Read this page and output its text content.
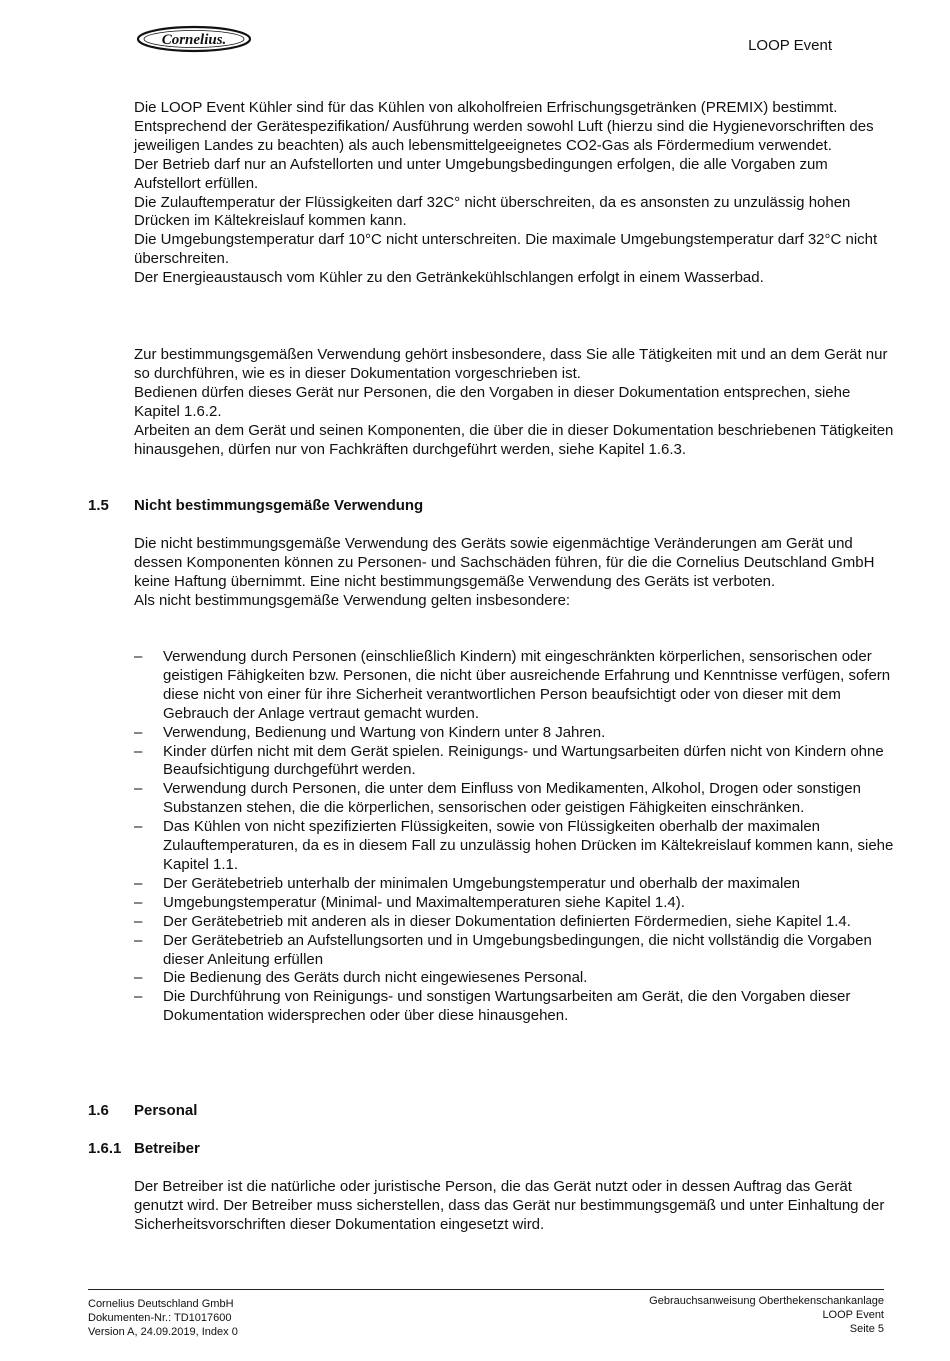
Cornelius.	LOOP Event

Die LOOP Event Kühler sind für das Kühlen von alkoholfreien Erfrischungsgetränken (PREMIX) bestimmt. Entsprechend der Gerätespezifikation/ Ausführung werden sowohl Luft (hierzu sind die Hygienevorschriften des jeweiligen Landes zu beachten) als auch lebensmittelgeeignetes CO2-Gas als Fördermedium verwendet.

Der Betrieb darf nur an Aufstellorten und unter Umgebungsbedingungen erfolgen, die alle Vorgaben zum Aufstellort erfüllen.

Die Zulauftemperatur der Flüssigkeiten darf 32C° nicht überschreiten, da es ansonsten zu unzulässig hohen

Drücken im Kältekreislauf kommen kann.

Die Umgebungstemperatur darf 10°C nicht unterschreiten. Die maximale Umgebungstemperatur darf 32°C nicht überschreiten.

Der Energieaustausch vom Kühler zu den Getränkekühlschlangen erfolgt in einem Wasserbad.

Zur bestimmungsgemäßen Verwendung gehört insbesondere, dass Sie alle Tätigkeiten mit und an dem Gerät nur so durchführen, wie es in dieser Dokumentation vorgeschrieben ist.

Bedienen dürfen dieses Gerät nur Personen, die den Vorgaben in dieser Dokumentation entsprechen, siehe Kapitel 1.6.2.

Arbeiten an dem Gerät und seinen Komponenten, die über die in dieser Dokumentation beschriebenen Tätigkeiten hinausgehen, dürfen nur von Fachkräften durchgeführt werden, siehe Kapitel 1.6.3.

1.5 Nicht bestimmungsgemäße Verwendung

Die nicht bestimmungsgemäße Verwendung des Geräts sowie eigenmächtige Veränderungen am Gerät und dessen Komponenten können zu Personen- und Sachschäden führen, für die die Cornelius Deutschland GmbH keine Haftung übernimmt. Eine nicht bestimmungsgemäße Verwendung des Geräts ist verboten.

Als nicht bestimmungsgemäße Verwendung gelten insbesondere:

– Verwendung durch Personen (einschließlich Kindern) mit eingeschränkten körperlichen, sensorischen oder geistigen Fähigkeiten bzw. Personen, die nicht über ausreichende Erfahrung und Kenntnisse verfügen, sofern diese nicht von einer für ihre Sicherheit verantwortlichen Person beaufsichtigt oder von dieser mit dem Gebrauch der Anlage vertraut gemacht wurden.
– Verwendung, Bedienung und Wartung von Kindern unter 8 Jahren.
– Kinder dürfen nicht mit dem Gerät spielen. Reinigungs- und Wartungsarbeiten dürfen nicht von Kindern ohne Beaufsichtigung durchgeführt werden.
– Verwendung durch Personen, die unter dem Einfluss von Medikamenten, Alkohol, Drogen oder sonstigen Substanzen stehen, die die körperlichen, sensorischen oder geistigen Fähigkeiten einschränken.
– Das Kühlen von nicht spezifizierten Flüssigkeiten, sowie von Flüssigkeiten oberhalb der maximalen Zulauftemperaturen, da es in diesem Fall zu unzulässig hohen Drücken im Kältekreislauf kommen kann, siehe Kapitel 1.1.
– Der Gerätebetrieb unterhalb der minimalen Umgebungstemperatur und oberhalb der maximalen
– Umgebungstemperatur (Minimal- und Maximaltemperaturen siehe Kapitel 1.4).
– Der Gerätebetrieb mit anderen als in dieser Dokumentation definierten Fördermedien, siehe Kapitel 1.4.
– Der Gerätebetrieb an Aufstellungsorten und in Umgebungsbedingungen, die nicht vollständig die Vorgaben dieser Anleitung erfüllen
– Die Bedienung des Geräts durch nicht eingewiesenes Personal.
– Die Durchführung von Reinigungs- und sonstigen Wartungsarbeiten am Gerät, die den Vorgaben dieser Dokumentation widersprechen oder über diese hinausgehen.
1.6 Personal
1.6.1 Betreiber

Der Betreiber ist die natürliche oder juristische Person, die das Gerät nutzt oder in dessen Auftrag das Gerät genutzt wird. Der Betreiber muss sicherstellen, dass das Gerät nur bestimmungsgemäß und unter Einhaltung der Sicherheitsvorschriften dieser Dokumentation eingesetzt wird.

Cornelius Deutschland GmbH
Dokumenten-Nr.: TD1017600
Version A, 24.09.2019, Index 0
Gebrauchsanweisung Oberthekenschankanlage
LOOP Event
Seite 5
